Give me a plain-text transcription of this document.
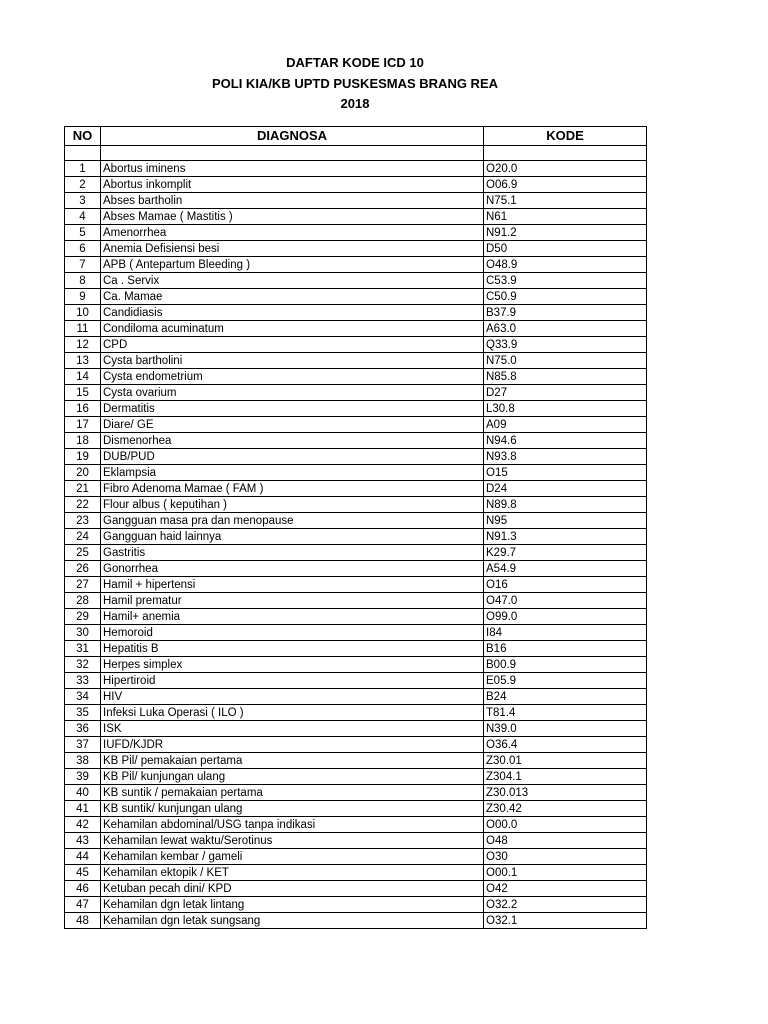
DAFTAR KODE ICD 10
POLI KIA/KB UPTD PUSKESMAS BRANG REA
2018
NO	DIAGNOSA	KODE

1	Abortus iminens	O20.0
2	Abortus inkomplit	O06.9
3	Abses bartholin	N75.1
4	Abses Mamae ( Mastitis )	N61
5	Amenorrhea	N91.2
6	Anemia Defisiensi besi	D50
7	APB ( Antepartum Bleeding )	O48.9
8	Ca . Servix	C53.9
9	Ca. Mamae	C50.9
10	Candidiasis	B37.9
11	Condiloma acuminatum	A63.0
12	CPD	Q33.9
13	Cysta bartholini	N75.0
14	Cysta endometrium	N85.8
15	Cysta ovarium	D27
16	Dermatitis	L30.8
17	Diare/ GE	A09
18	Dismenorhea	N94.6
19	DUB/PUD	N93.8
20	Eklampsia	O15
21	Fibro Adenoma Mamae ( FAM )	D24
22	Flour albus ( keputihan )	N89.8
23	Gangguan masa pra dan menopause	N95
24	Gangguan haid lainnya	N91.3
25	Gastritis	K29.7
26	Gonorrhea	A54.9
27	Hamil + hipertensi	O16
28	Hamil prematur	O47.0
29	Hamil+ anemia	O99.0
30	Hemoroid	I84
31	Hepatitis B	B16
32	Herpes simplex	B00.9
33	Hipertiroid	E05.9
34	HIV	B24
35	Infeksi Luka Operasi ( ILO )	T81.4
36	ISK	N39.0
37	IUFD/KJDR	O36.4
38	KB Pil/ pemakaian pertama	Z30.01
39	KB Pil/ kunjungan ulang	Z304.1
40	KB suntik / pemakaian pertama	Z30.013
41	KB suntik/ kunjungan ulang	Z30.42
42	Kehamilan abdominal/USG tanpa indikasi	O00.0
43	Kehamilan lewat waktu/Serotinus	O48
44	Kehamilan kembar / gameli	O30
45	Kehamilan ektopik / KET	O00.1
46	Ketuban pecah dini/ KPD	O42
47	Kehamilan dgn letak lintang	O32.2
48	Kehamilan dgn letak sungsang	O32.1
